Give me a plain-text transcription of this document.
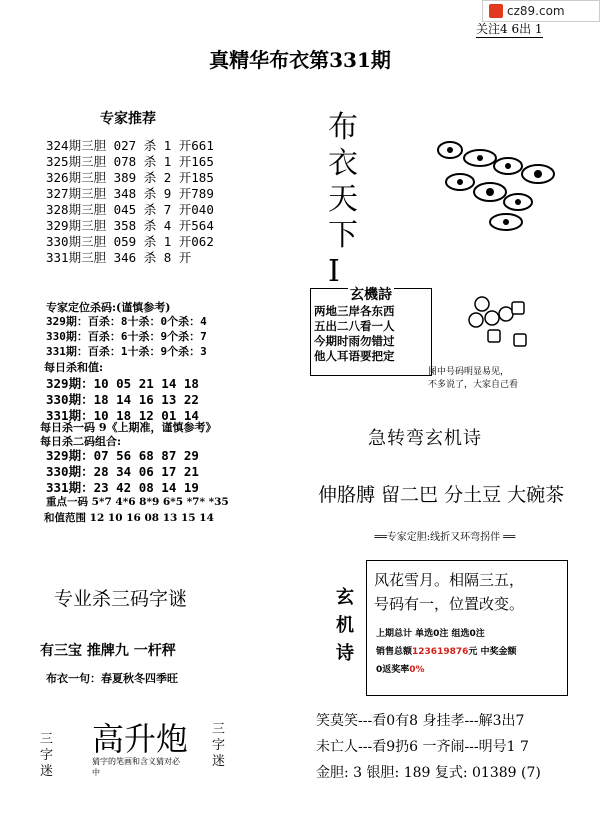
cz89.com
关注4 6出 1
真精华布衣第331期
专家推荐
324期三胆 027 杀 1 开661
325期三胆 078 杀 1 开165
326期三胆 389 杀 2 开185
327期三胆 348 杀 9 开789
328期三胆 045 杀 7 开040
329期三胆 358 杀 4 开564
330期三胆 059 杀 1 开062
331期三胆 346 杀 8 开
专家定位杀码:(谨慎参考)
329期：百杀：8十杀：0个杀：4
330期：百杀：6十杀：9个杀：7
331期：百杀：1十杀：9个杀：3
每日杀和值:
329期：10 05 21 14 18
330期：18 14 16 13 22
331期：10 18 12 01 14
每日杀一码 9《上期准，谨慎参考》
每日杀二码组合:
329期：07 56 68 87 29
330期：28 34 06 17 21
331期：23 42 08 14 19
重点一码 5*7 4*6 8*9 6*5 *7* *35
和值范围 12 10 16 08 13 15 14
专业杀三码字谜
有三宝 推牌九 一杆秤
布衣一句：春夏秋冬四季旺
三字迷
高升炮
猜字的笔画和含义猜对必中
三字迷
布衣天下I
玄機詩
两地三岸各东西
五出二八看一人
今期时雨勿错过
他人耳语要把定
图中号码明显易见，
不多说了，大家自己看
急转弯玄机诗
伸胳膊 留二巴 分土豆 大碗茶
══专家定胆:线折又环弯拐伴 ══
玄机诗
风花雪月。相隔三五，
号码有一，位置改变。
上期总计 单选0注 组选0注
销售总额123619876元 中奖金额
0返奖率0%
笑莫笑---看0有8 身挂孝---解3出7
未亡人---看9扔6 一齐闹---明号1 7
金胆: 3 银胆: 189 复式: 01389 (7)
